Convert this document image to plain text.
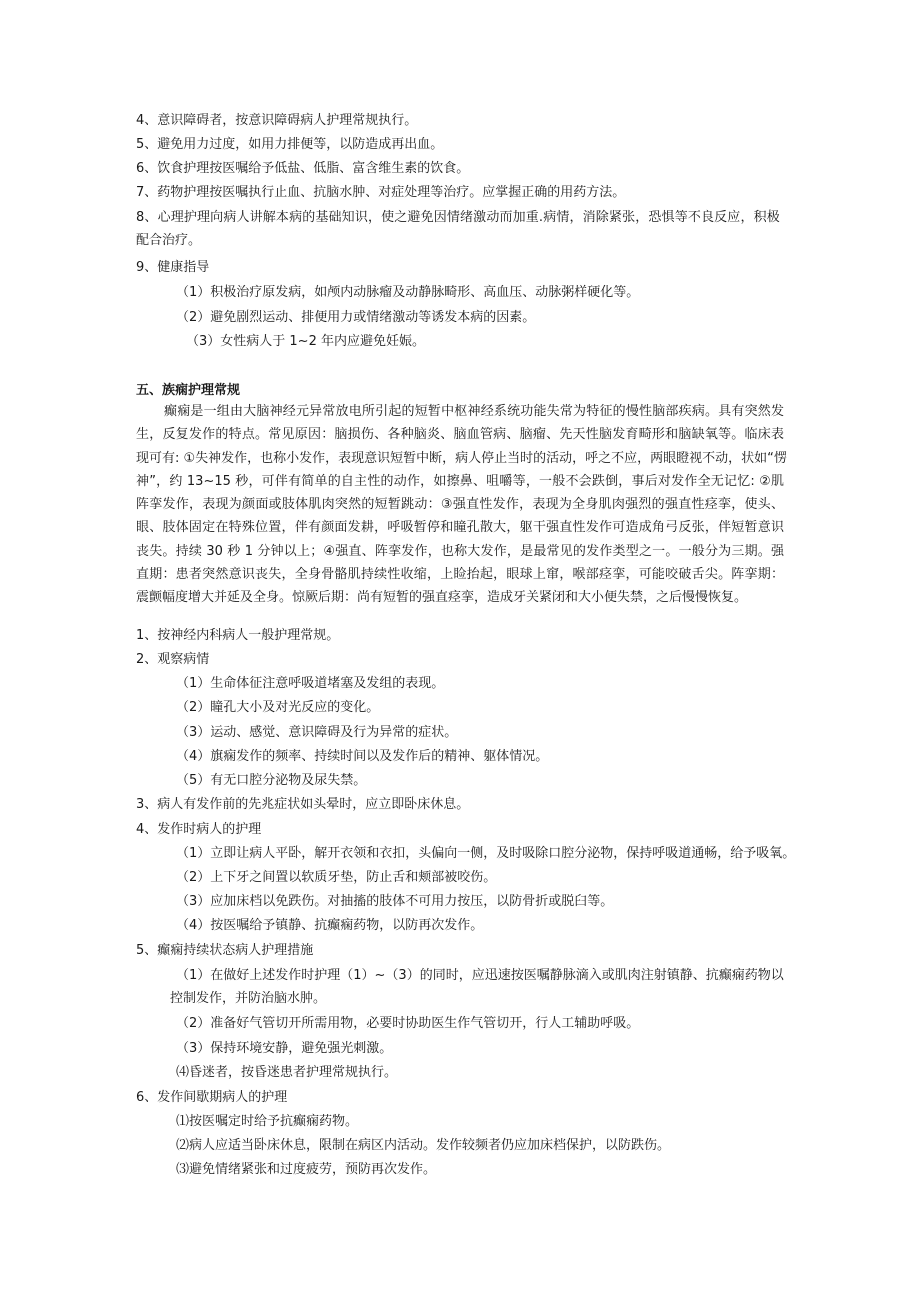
4、意识障碍者，按意识障碍病人护理常规执行。
5、避免用力过度，如用力排便等，以防造成再出血。
6、饮食护理按医嘱给予低盐、低脂、富含维生素的饮食。
7、药物护理按医嘱执行止血、抗脑水肿、对症处理等治疗。应掌握正确的用药方法。
8、心理护理向病人讲解本病的基础知识，使之避免因情绪激动而加重.病情，消除紧张，恐惧等不良反应，积极
配合治疗。
9、健康指导
（1）积极治疗原发病，如颅内动脉瘤及动静脉畸形、高血压、动脉粥样硬化等。
（2）避免剧烈运动、排便用力或情绪激动等诱发本病的因素。
（3）女性病人于 1~2 年内应避免妊娠。
五、族痫护理常规
癫痫是一组由大脑神经元异常放电所引起的短暂中枢神经系统功能失常为特征的慢性脑部疾病。具有突然发
生，反复发作的特点。常见原因：脑损伤、各种脑炎、脑血管病、脑瘤、先天性脑发育畸形和脑缺氧等。临床表
现可有: ①失神发作，也称小发作，表现意识短暂中断，病人停止当时的活动，呼之不应，两眼瞪视不动，状如“愣
神”，约 13~15 秒，可伴有简单的自主性的动作，如擦鼻、咀嚼等，一般不会跌倒，事后对发作全无记忆: ②肌
阵挛发作，表现为颜面或肢体肌肉突然的短暂跳动：③强直性发作，表现为全身肌肉强烈的强直性痉挛，使头、
眼、肢体固定在特殊位置，伴有颜面发耕，呼吸暂停和瞳孔散大，躯干强直性发作可造成角弓反张，伴短暂意识
丧失。持续 30 秒 1 分钟以上；④强直、阵挛发作，也称大发作，是最常见的发作类型之一。一般分为三期。强
直期：患者突然意识丧失，全身骨骼肌持续性收缩，上睑抬起，眼球上窜，喉部痉挛，可能咬破舌尖。阵挛期：
震颤幅度增大并延及全身。惊厥后期：尚有短暂的强直痉挛，造成牙关紧闭和大小便失禁，之后慢慢恢复。
1、按神经内科病人一般护理常规。
2、观察病情
（1）生命体征注意呼吸道堵塞及发组的表现。
（2）瞳孔大小及对光反应的变化。
（3）运动、感觉、意识障碍及行为异常的症状。
（4）旗痫发作的频率、持续时间以及发作后的精神、躯体情况。
（5）有无口腔分泌物及尿失禁。
3、病人有发作前的先兆症状如头晕时，应立即卧床休息。
4、发作时病人的护理
（1）立即让病人平卧，解开衣领和衣扣，头偏向一侧，及时吸除口腔分泌物，保持呼吸道通畅，给予吸氧。
（2）上下牙之间置以软质牙垫，防止舌和颊部被咬伤。
（3）应加床档以免跌伤。对抽搐的肢体不可用力按压，以防骨折或脱臼等。
（4）按医嘱给予镇静、抗癫痫药物，以防再次发作。
5、癫痫持续状态病人护理措施
（1）在做好上述发作时护理（1）~（3）的同时，应迅速按医嘱静脉滴入或肌肉注射镇静、抗癫痫药物以
控制发作，并防治脑水肿。
（2）准备好气管切开所需用物，必要时协助医生作气管切开，行人工辅助呼吸。
（3）保持环境安静，避免强光刺激。
⑷昏迷者，按昏迷患者护理常规执行。
6、发作间歇期病人的护理
⑴按医嘱定时给予抗癫痫药物。
⑵病人应适当卧床休息，限制在病区内活动。发作较频者仍应加床档保护，以防跌伤。
⑶避免情绪紧张和过度疲劳，预防再次发作。
